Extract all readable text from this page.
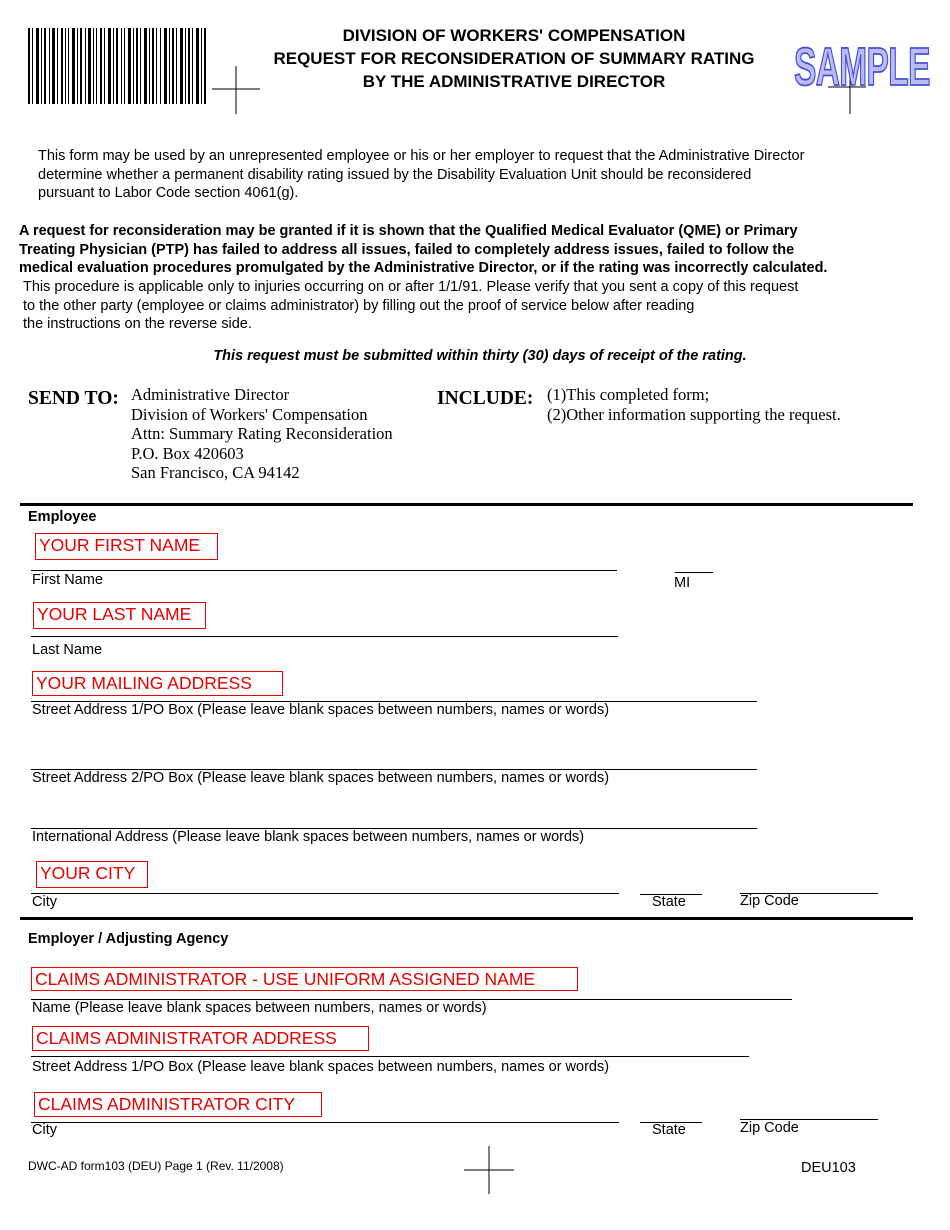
SAMPLE
DIVISION OF WORKERS' COMPENSATION
REQUEST FOR RECONSIDERATION OF SUMMARY RATING
BY THE ADMINISTRATIVE DIRECTOR
This form may be used by an unrepresented employee or his or her employer to request that the Administrative Director
determine whether a permanent disability rating issued by the Disability Evaluation Unit should be reconsidered
pursuant to Labor Code section 4061(g).
A request for reconsideration may be granted if it is shown that the Qualified Medical Evaluator (QME) or Primary
Treating Physician (PTP) has failed to address all issues, failed to completely address issues, failed to follow the
medical evaluation procedures promulgated by the Administrative Director, or if the rating was incorrectly calculated.
This procedure is applicable only to injuries occurring on or after 1/1/91. Please verify that you sent a copy of this request
to the other party (employee or claims administrator) by filling out the proof of service below after reading
the instructions on the reverse side.
This request must be submitted within thirty (30) days of receipt of the rating.
SEND TO: Administrative Director
Division of Workers' Compensation
Attn: Summary Rating Reconsideration
P.O. Box 420603
San Francisco, CA 94142
INCLUDE: (1)This completed form;
(2)Other information supporting the request.
Employee
YOUR FIRST NAME
First Name	MI
YOUR LAST NAME
Last Name
YOUR MAILING ADDRESS
Street Address 1/PO Box (Please leave blank spaces between numbers, names or words)
Street Address 2/PO Box (Please leave blank spaces between numbers, names or words)
International Address (Please leave blank spaces between numbers, names or words)
YOUR CITY
City	State	Zip Code
Employer / Adjusting Agency
CLAIMS ADMINISTRATOR - USE UNIFORM ASSIGNED NAME
Name (Please leave blank spaces between numbers, names or words)
CLAIMS ADMINISTRATOR ADDRESS
Street Address 1/PO Box (Please leave blank spaces between numbers, names or words)
CLAIMS ADMINISTRATOR CITY
City	State	Zip Code
DWC-AD form103 (DEU) Page 1 (Rev. 11/2008)	DEU103
